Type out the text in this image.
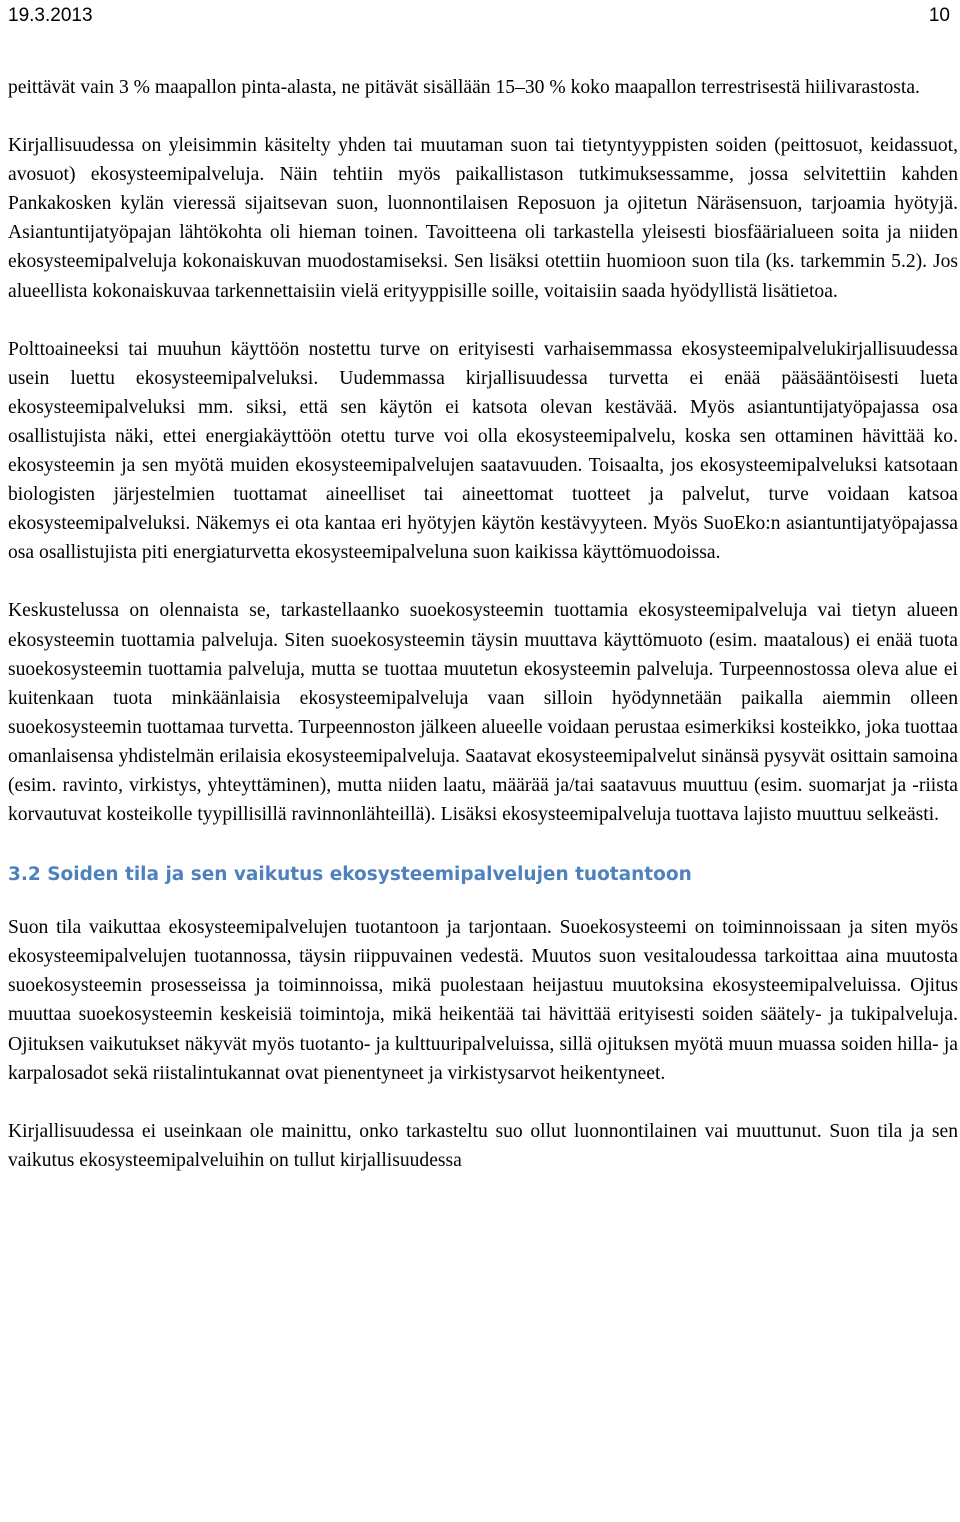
19.3.2013	10

peittävät vain 3 % maapallon pinta-alasta, ne pitävät sisällään 15–30 % koko maapallon terrestrisestä hiilivarastosta.

Kirjallisuudessa on yleisimmin käsitelty yhden tai muutaman suon tai tietyntyyppisten soiden (peittosuot, keidassuot, avosuot) ekosysteemipalveluja. Näin tehtiin myös paikallistason tutkimuksessamme, jossa selvitettiin kahden Pankakosken kylän vieressä sijaitsevan suon, luonnontilaisen Reposuon ja ojitetun Näräsensuon, tarjoamia hyötyjä. Asiantuntijatyöpajan lähtökohta oli hieman toinen. Tavoitteena oli tarkastella yleisesti biosfäärialueen soita ja niiden ekosysteemipalveluja kokonaiskuvan muodostamiseksi. Sen lisäksi otettiin huomioon suon tila (ks. tarkemmin 5.2). Jos alueellista kokonaiskuvaa tarkennettaisiin vielä erityyppisille soille, voitaisiin saada hyödyllistä lisätietoa.

Polttoaineeksi tai muuhun käyttöön nostettu turve on erityisesti varhaisemmassa ekosysteemipalvelukirjallisuudessa usein luettu ekosysteemipalveluksi. Uudemmassa kirjallisuudessa turvetta ei enää pääsääntöisesti lueta ekosysteemipalveluksi mm. siksi, että sen käytön ei katsota olevan kestävää. Myös asiantuntijatyöpajassa osa osallistujista näki, ettei energiakäyttöön otettu turve voi olla ekosysteemipalvelu, koska sen ottaminen hävittää ko. ekosysteemin ja sen myötä muiden ekosysteemipalvelujen saatavuuden. Toisaalta, jos ekosysteemipalveluksi katsotaan biologisten järjestelmien tuottamat aineelliset tai aineettomat tuotteet ja palvelut, turve voidaan katsoa ekosysteemipalveluksi. Näkemys ei ota kantaa eri hyötyjen käytön kestävyyteen. Myös SuoEko:n asiantuntijatyöpajassa osa osallistujista piti energiaturvetta ekosysteemipalveluna suon kaikissa käyttömuodoissa.

Keskustelussa on olennaista se, tarkastellaanko suoekosysteemin tuottamia ekosysteemipalveluja vai tietyn alueen ekosysteemin tuottamia palveluja. Siten suoekosysteemin täysin muuttava käyttömuoto (esim. maatalous) ei enää tuota suoekosysteemin tuottamia palveluja, mutta se tuottaa muutetun ekosysteemin palveluja. Turpeennostossa oleva alue ei kuitenkaan tuota minkäänlaisia ekosysteemipalveluja vaan silloin hyödynnetään paikalla aiemmin olleen suoekosysteemin tuottamaa turvetta. Turpeennoston jälkeen alueelle voidaan perustaa esimerkiksi kosteikko, joka tuottaa omanlaisensa yhdistelmän erilaisia ekosysteemipalveluja. Saatavat ekosysteemipalvelut sinänsä pysyvät osittain samoina (esim. ravinto, virkistys, yhteyttäminen), mutta niiden laatu, määrää ja/tai saatavuus muuttuu (esim. suomarjat ja -riista korvautuvat kosteikolle tyypillisillä ravinnonlähteillä). Lisäksi ekosysteemipalveluja tuottava lajisto muuttuu selkeästi.

3.2 Soiden tila ja sen vaikutus ekosysteemipalvelujen tuotantoon

Suon tila vaikuttaa ekosysteemipalvelujen tuotantoon ja tarjontaan. Suoekosysteemi on toiminnoissaan ja siten myös ekosysteemipalvelujen tuotannossa, täysin riippuvainen vedestä. Muutos suon vesitaloudessa tarkoittaa aina muutosta suoekosysteemin prosesseissa ja toiminnoissa, mikä puolestaan heijastuu muutoksina ekosysteemipalveluissa. Ojitus muuttaa suoekosysteemin keskeisiä toimintoja, mikä heikentää tai hävittää erityisesti soiden säätely- ja tukipalveluja. Ojituksen vaikutukset näkyvät myös tuotanto- ja kulttuuripalveluissa, sillä ojituksen myötä muun muassa soiden hilla- ja karpalosadot sekä riistalintukannat ovat pienentyneet ja virkistysarvot heikentyneet.

Kirjallisuudessa ei useinkaan ole mainittu, onko tarkasteltu suo ollut luonnontilainen vai muuttunut. Suon tila ja sen vaikutus ekosysteemipalveluihin on tullut kirjallisuudessa
